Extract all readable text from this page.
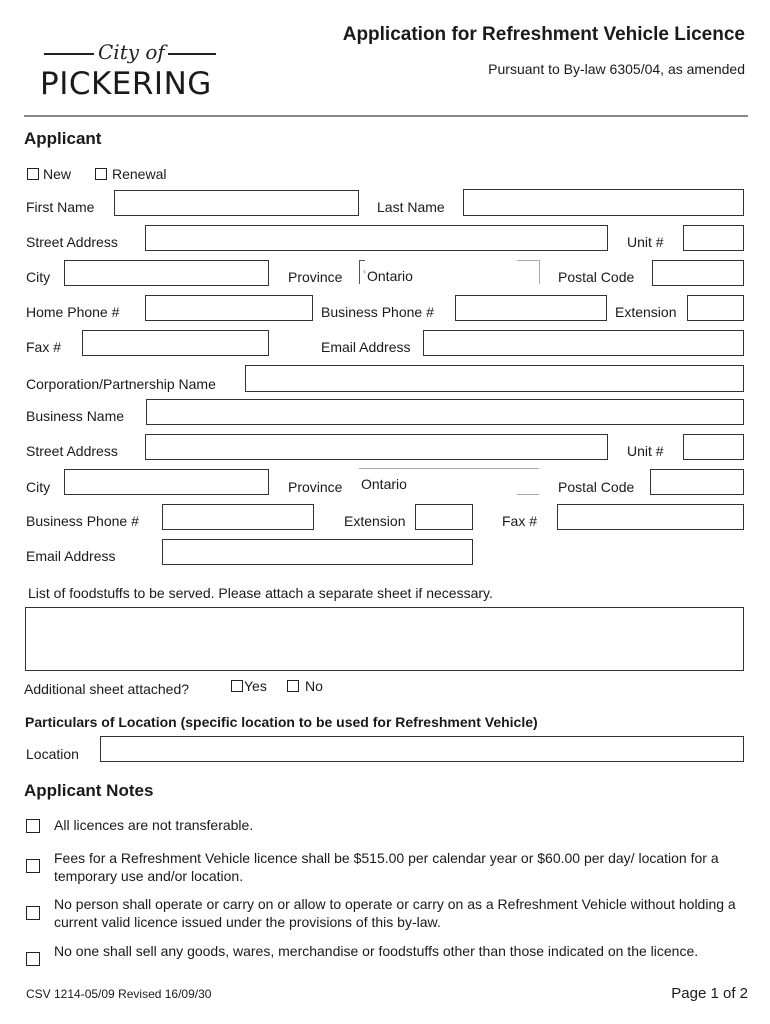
City of
PICKERING
Application for Refreshment Vehicle Licence
Pursuant to By-law 6305/04, as amended
Applicant
New	Renewal
First Name	Last Name
Street Address	Unit #
City	Province ‹ Ontario	Postal Code
Home Phone #	Business Phone #	Extension
Fax #	Email Address
Corporation/Partnership Name
Business Name
Street Address	Unit #
City	Province Ontario	Postal Code
Business Phone #	Extension	Fax #
Email Address
List of foodstuffs to be served. Please attach a separate sheet if necessary.
Additional sheet attached?	Yes	No
Particulars of Location (specific location to be used for Refreshment Vehicle)
Location
Applicant Notes
All licences are not transferable.
Fees for a Refreshment Vehicle licence shall be $515.00 per calendar year or $60.00 per day/ location for a temporary use and/or location.
No person shall operate or carry on or allow to operate or carry on as a Refreshment Vehicle without holding a current valid licence issued under the provisions of this by-law.
No one shall sell any goods, wares, merchandise or foodstuffs other than those indicated on the licence.
CSV 1214-05/09 Revised 16/09/30	Page 1 of 2
